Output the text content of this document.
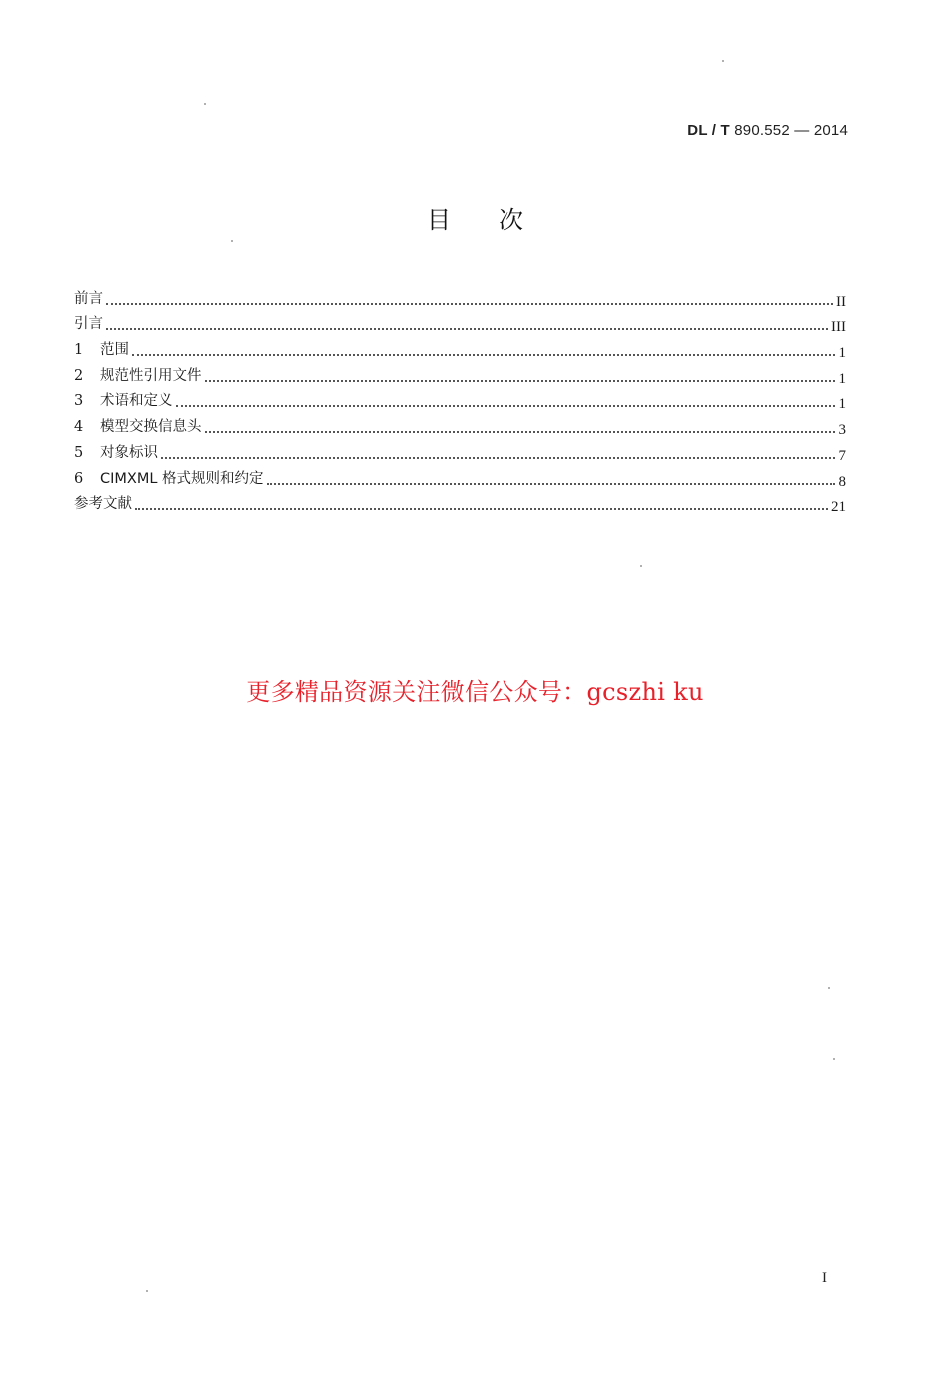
DL / T 890.552 — 2014
目次
前言	II
引言	III
1 范围	1
2 规范性引用文件	1
3 术语和定义	1
4 模型交换信息头	3
5 对象标识	7
6 CIMXML 格式规则和约定	8
参考文献	21
更多精品资源关注微信公众号：gcszhi ku
I
